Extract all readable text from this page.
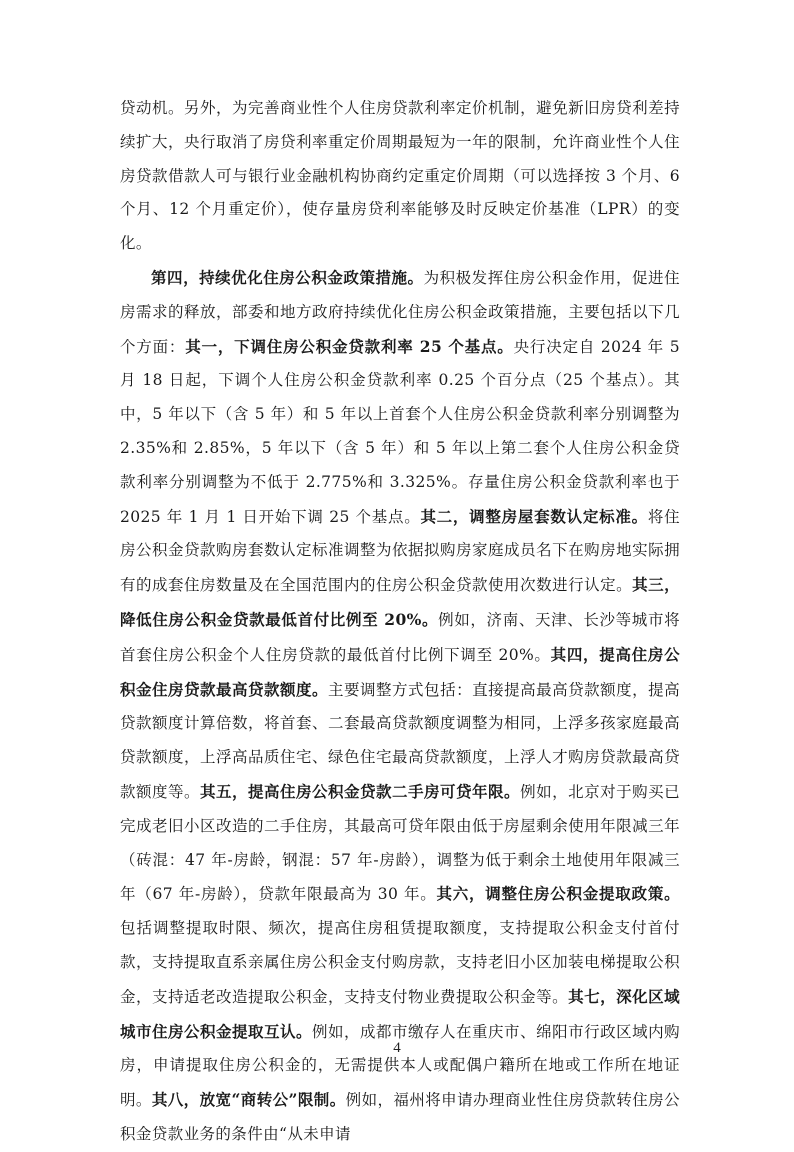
贷动机。另外，为完善商业性个人住房贷款利率定价机制，避免新旧房贷利差持续扩大，央行取消了房贷利率重定价周期最短为一年的限制，允许商业性个人住房贷款借款人可与银行业金融机构协商约定重定价周期（可以选择按 3 个月、6 个月、12 个月重定价），使存量房贷利率能够及时反映定价基准（LPR）的变化。

第四，持续优化住房公积金政策措施。为积极发挥住房公积金作用，促进住房需求的释放，部委和地方政府持续优化住房公积金政策措施，主要包括以下几个方面：其一，下调住房公积金贷款利率 25 个基点。央行决定自 2024 年 5 月 18 日起，下调个人住房公积金贷款利率 0.25 个百分点（25 个基点）。其中，5 年以下（含 5 年）和 5 年以上首套个人住房公积金贷款利率分别调整为 2.35%和 2.85%，5 年以下（含 5 年）和 5 年以上第二套个人住房公积金贷款利率分别调整为不低于 2.775%和 3.325%。存量住房公积金贷款利率也于 2025 年 1 月 1 日开始下调 25 个基点。其二，调整房屋套数认定标准。将住房公积金贷款购房套数认定标准调整为依据拟购房家庭成员名下在购房地实际拥有的成套住房数量及在全国范围内的住房公积金贷款使用次数进行认定。其三，降低住房公积金贷款最低首付比例至 20%。例如，济南、天津、长沙等城市将首套住房公积金个人住房贷款的最低首付比例下调至 20%。其四，提高住房公积金住房贷款最高贷款额度。主要调整方式包括：直接提高最高贷款额度，提高贷款额度计算倍数，将首套、二套最高贷款额度调整为相同，上浮多孩家庭最高贷款额度，上浮高品质住宅、绿色住宅最高贷款额度，上浮人才购房贷款最高贷款额度等。其五，提高住房公积金贷款二手房可贷年限。例如，北京对于购买已完成老旧小区改造的二手住房，其最高可贷年限由低于房屋剩余使用年限减三年（砖混：47 年-房龄，钢混：57 年-房龄），调整为低于剩余土地使用年限减三年（67 年-房龄），贷款年限最高为 30 年。其六，调整住房公积金提取政策。包括调整提取时限、频次，提高住房租赁提取额度，支持提取公积金支付首付款，支持提取直系亲属住房公积金支付购房款，支持老旧小区加装电梯提取公积金，支持适老改造提取公积金，支持支付物业费提取公积金等。其七，深化区域城市住房公积金提取互认。例如，成都市缴存人在重庆市、绵阳市行政区域内购房，申请提取住房公积金的，无需提供本人或配偶户籍所在地或工作所在地证明。其八，放宽“商转公”限制。例如，福州将申请办理商业性住房贷款转住房公积金贷款业务的条件由“从未申请

4
